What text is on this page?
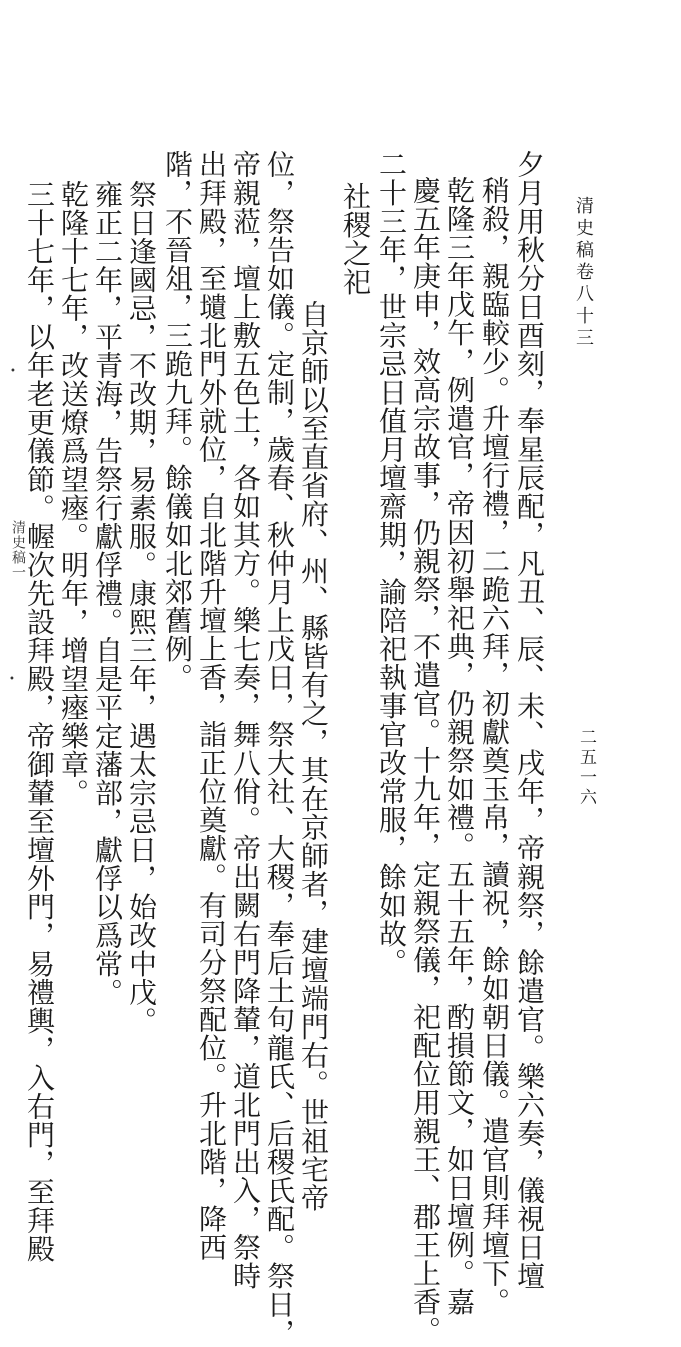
清史稿卷八十三
二五一六
夕月用秋分日酉刻，奉星辰配，凡丑、辰、未、戌年，帝親祭，餘遣官。樂六奏，儀視日壇
稍殺，親臨較少。升壇行禮，二跪六拜，初獻奠玉帛，讀祝，餘如朝日儀。遣官則拜壇下。
乾隆三年戊午，例遣官，帝因初舉祀典，仍親祭如禮。五十五年，酌損節文，如日壇例。嘉
慶五年庚申，效高宗故事，仍親祭，不遣官。十九年，定親祭儀，祀配位用親王、郡王上香。
二十三年，世宗忌日值月壇齋期，諭陪祀執事官改常服，餘如故。
社稷之祀
自京師以至直省府、州、縣皆有之，其在京師者，建壇端門右。世祖宅帝
位，祭告如儀。定制，歲春、秋仲月上戊日，祭大社、大稷，奉后土句龍氏、后稷氏配。祭日，
帝親蒞，壇上敷五色土，各如其方。樂七奏，舞八佾。帝出闕右門降輦，道北門出入，祭時
出拜殿，至壝北門外就位，自北階升壇上香，詣正位奠獻。有司分祭配位。升北階，降西
階，不晉俎，三跪九拜。餘儀如北郊舊例。
祭日逢國忌，不改期，易素服。康熙三年，遇太宗忌日，始改中戊。
雍正二年，平青海，告祭行獻俘禮。自是平定藩部，獻俘以爲常。
乾隆十七年，改送燎爲望瘞。明年，增望瘞樂章。
三十七年，以年老更儀節。幄次先設拜殿，帝御輦至壇外門，易禮輿，入右門，至拜殿
•
清史稿一
•
